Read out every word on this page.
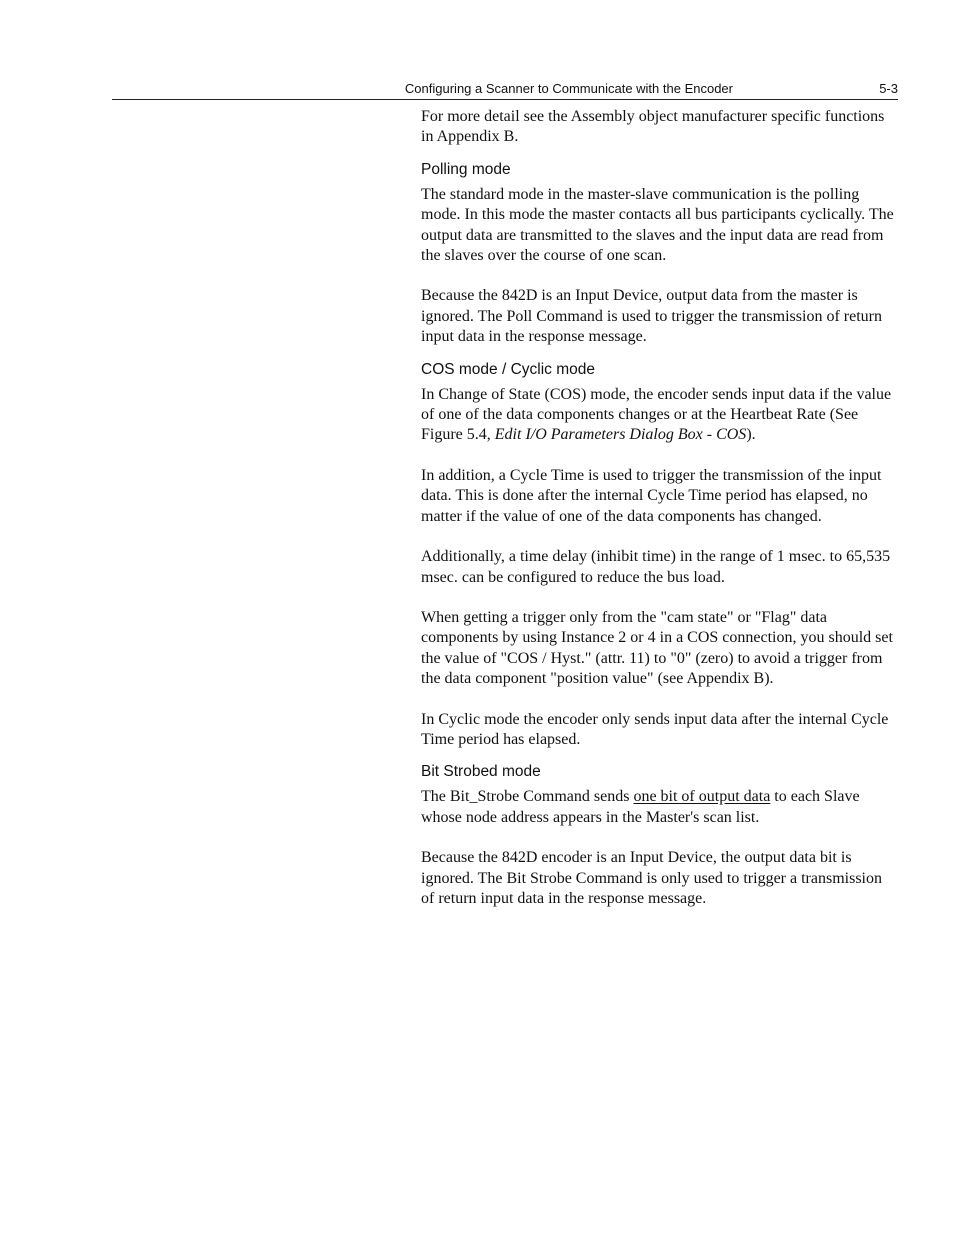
Configuring a Scanner to Communicate with the Encoder	5-3

For more detail see the Assembly object manufacturer specific functions in Appendix B.

Polling mode

The standard mode in the master-slave communication is the polling mode. In this mode the master contacts all bus participants cyclically. The output data are transmitted to the slaves and the input data are read from the slaves over the course of one scan.

Because the 842D is an Input Device, output data from the master is ignored. The Poll Command is used to trigger the transmission of return input data in the response message.

COS mode / Cyclic mode

In Change of State (COS) mode, the encoder sends input data if the value of one of the data components changes or at the Heartbeat Rate (See Figure 5.4, Edit I/O Parameters Dialog Box - COS).

In addition, a Cycle Time is used to trigger the transmission of the input data. This is done after the internal Cycle Time period has elapsed, no matter if the value of one of the data components has changed.

Additionally, a time delay (inhibit time) in the range of 1 msec. to 65,535 msec. can be configured to reduce the bus load.

When getting a trigger only from the "cam state" or "Flag" data components by using Instance 2 or 4 in a COS connection, you should set the value of "COS / Hyst." (attr. 11) to "0" (zero) to avoid a trigger from the data component "position value" (see Appendix B).

In Cyclic mode the encoder only sends input data after the internal Cycle Time period has elapsed.

Bit Strobed mode

The Bit_Strobe Command sends one bit of output data to each Slave whose node address appears in the Master's scan list.

Because the 842D encoder is an Input Device, the output data bit is ignored. The Bit Strobe Command is only used to trigger a transmission of return input data in the response message.
